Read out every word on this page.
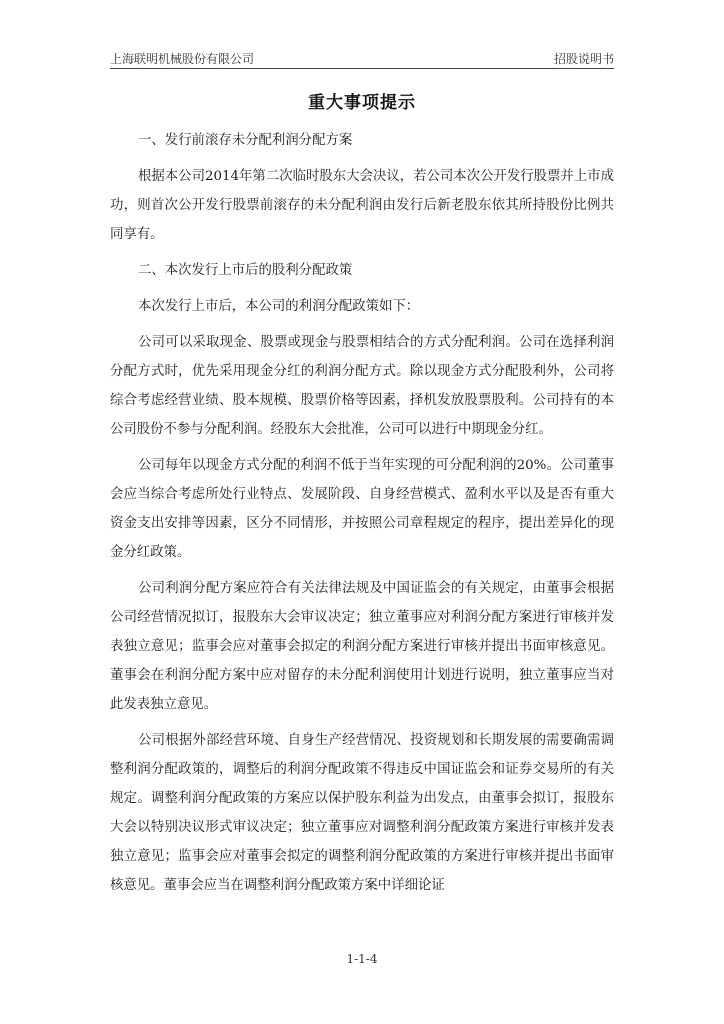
上海联明机械股份有限公司	招股说明书
重大事项提示

一、发行前滚存未分配利润分配方案

根据本公司2014年第二次临时股东大会决议，若公司本次公开发行股票并上市成功，则首次公开发行股票前滚存的未分配利润由发行后新老股东依其所持股份比例共同享有。

二、本次发行上市后的股利分配政策

本次发行上市后，本公司的利润分配政策如下：

公司可以采取现金、股票或现金与股票相结合的方式分配利润。公司在选择利润分配方式时，优先采用现金分红的利润分配方式。除以现金方式分配股利外，公司将综合考虑经营业绩、股本规模、股票价格等因素，择机发放股票股利。公司持有的本公司股份不参与分配利润。经股东大会批准，公司可以进行中期现金分红。

公司每年以现金方式分配的利润不低于当年实现的可分配利润的20%。公司董事会应当综合考虑所处行业特点、发展阶段、自身经营模式、盈利水平以及是否有重大资金支出安排等因素，区分不同情形，并按照公司章程规定的程序，提出差异化的现金分红政策。

公司利润分配方案应符合有关法律法规及中国证监会的有关规定，由董事会根据公司经营情况拟订，报股东大会审议决定；独立董事应对利润分配方案进行审核并发表独立意见；监事会应对董事会拟定的利润分配方案进行审核并提出书面审核意见。董事会在利润分配方案中应对留存的未分配利润使用计划进行说明，独立董事应当对此发表独立意见。

公司根据外部经营环境、自身生产经营情况、投资规划和长期发展的需要确需调整利润分配政策的，调整后的利润分配政策不得违反中国证监会和证券交易所的有关规定。调整利润分配政策的方案应以保护股东利益为出发点，由董事会拟订，报股东大会以特别决议形式审议决定；独立董事应对调整利润分配政策方案进行审核并发表独立意见；监事会应对董事会拟定的调整利润分配政策的方案进行审核并提出书面审核意见。董事会应当在调整利润分配政策方案中详细论证

1-1-4
